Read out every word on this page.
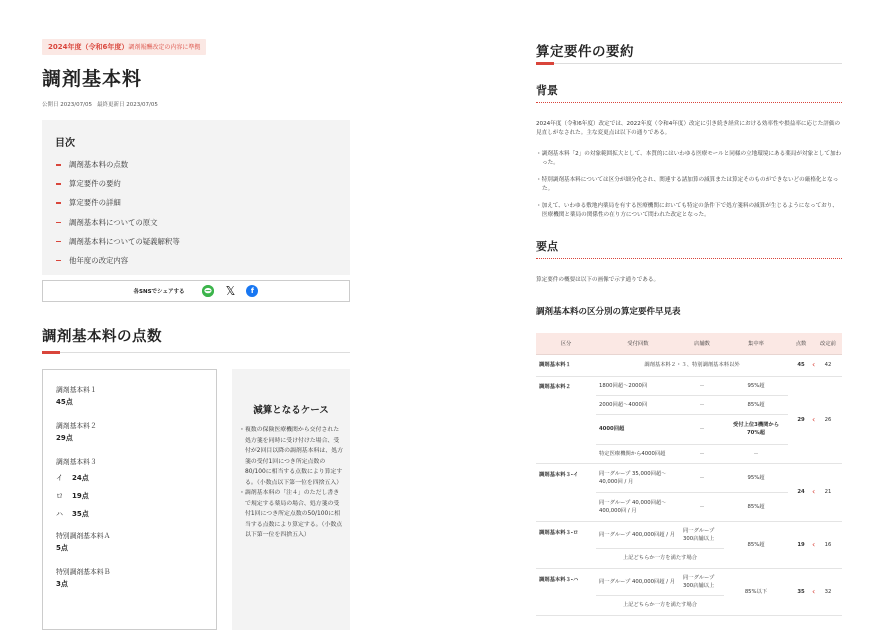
2024年度（令和6年度）調剤報酬改定の内容に準拠
調剤基本料
公開日 2023/07/05 最終更新日 2023/07/05
目次
調剤基本料の点数
算定要件の要約
算定要件の詳細
調剤基本料についての原文
調剤基本料についての疑義解釈等
他年度の改定内容
各SNSでシェアする	𝕏	f
調剤基本料の点数
調剤基本料１
45点
調剤基本料２
29点
調剤基本料３
イ	24点
ロ	19点
ハ	35点
特別調剤基本料Ａ
5点
特別調剤基本料Ｂ
3点
減算となるケース

・複数の保険医療機関から交付された処方箋を同時に受け付けた場合、受付が2回目以降の調剤基本料は、処方箋の受付1回につき所定点数の80/100に相当する点数により算定する。（小数点以下第一位を四捨五入）

・調剤基本料の「注４」のただし書きで規定する薬局の場合、処方箋の受付1回につき所定点数の50/100に相当する点数により算定する。（小数点以下第一位を四捨五入）

算定要件の要約
背景

2024年度（令和6年度）改定では、2022年度（令和4年度）改定に引き続き経営における効率性や損益率に応じた評価の見直しがなされた。主な変更点は以下の通りである。

・調剤基本料「2」の対象範囲拡大として、本質的にはいわゆる医療モールと同様の立地環境にある薬局が対象として加わった。

・特別調剤基本料については区分が細分化され、関連する諸加算の減算または算定そのものができないどの厳格化となった。

・加えて、いわゆる敷地内薬局を有する医療機関においても特定の条件下で処方箋料の減算が生じるようになっており、医療機関と薬局の関係性の在り方について問われた改定となった。

要点

算定要件の概要は以下の画像で示す通りである。

調剤基本料の区分別の算定要件早見表
区分	受付回数	店舗数	集中率	点数	改定前
調剤基本料１	調剤基本料２・３、特別調剤基本料以外			45	‹ 42
調剤基本料２	1800回超～2000回	－	95%超	29	‹ 26
	2000回超～4000回	－	85%超		
	4000回超	－	受付上位3機関から70%超		
	特定医療機関から4000回超	－	－		
調剤基本料３-イ	同一グループ 35,000回超～40,000回 / 月	－	95%超	24	‹ 21
	同一グループ 40,000回超～400,000回 / 月	－	85%超		
調剤基本料３-ロ	同一グループ 400,000回超 / 月	同一グループ 300店舗以上	85%超	19	‹ 16
	上記どちらか一方を満たす場合				
調剤基本料３-ハ	同一グループ 400,000回超 / 月	同一グループ 300店舗以上	85%以下	35	‹ 32
	上記どちらか一方を満たす場合				
